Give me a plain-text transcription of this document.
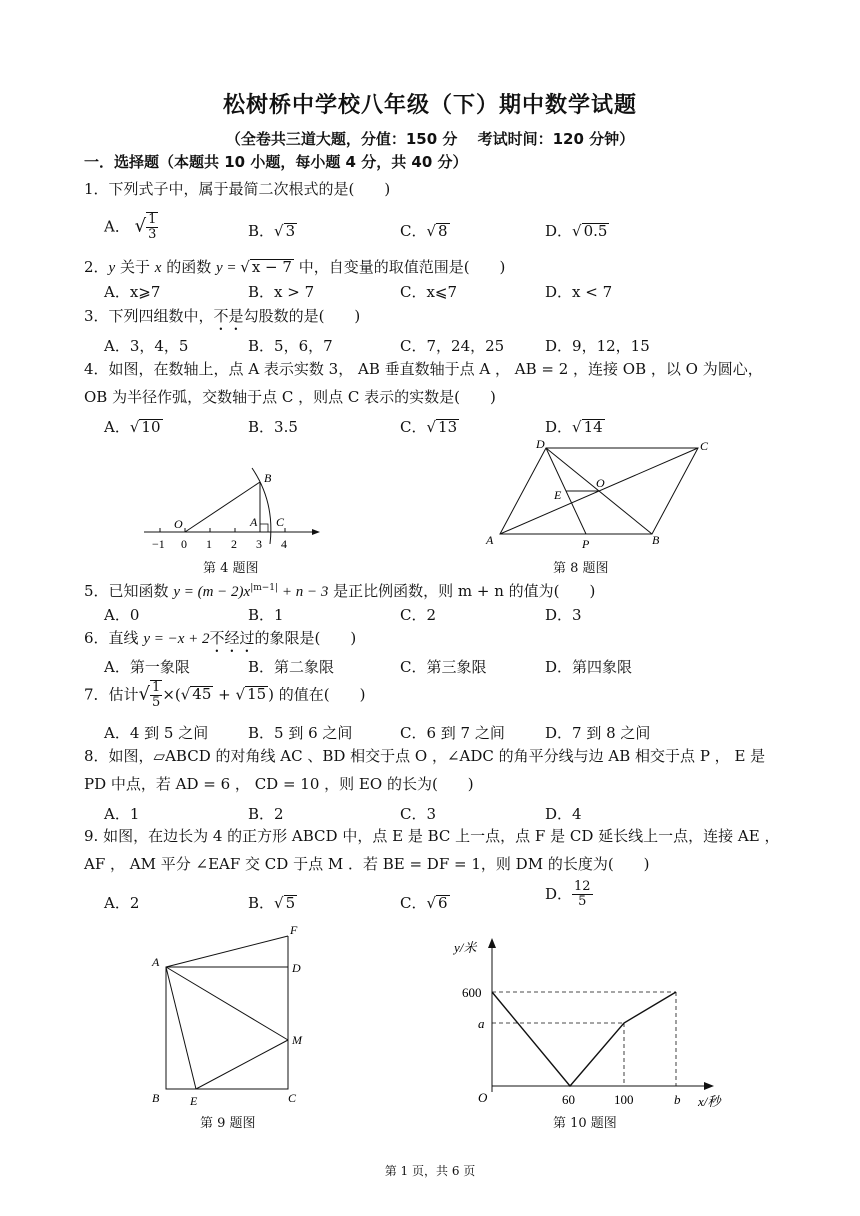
松树桥中学校八年级（下）期中数学试题
（全卷共三道大题，分值：150 分　 考试时间：120 分钟）
一．选择题（本题共 10 小题，每小题 4 分，共 40 分）
1．下列式子中，属于最简二次根式的是(　　)
A． √ $\frac{1}{3}$	B．√ 3	C．√ 8	D．√ 0.5
2．y 关于 x 的函数 y = √ x − 7 中，自变量的取值范围是(　　)
A．x⩾7	B．x > 7	C．x⩽7	D．x < 7
3．下列四组数中，不是勾股数的是(　　)
A．3，4，5	B．5，6，7	C．7，24，25	D．9，12，15
4．如图，在数轴上，点 A 表示实数 3， AB 垂直数轴于点 A ， AB = 2 ，连接 OB ，以 O 为圆心，
OB 为半径作弧，交数轴于点 C ，则点 C 表示的实数是(　　)
A．√ 10	B．3.5	C．√ 13	D．√ 14
B
O	A C
−1 0 1 2 3 4
第 4 题图
D	C
O
E
A	P	B
第 8 题图
5．已知函数 $y = (m - 2)x^{|m-1|} + n - 3$ 是正比例函数，则 m + n 的值为(　　)
A．0	B．1	C．2	D．3
6．直线 y = −x + 2不经过的象限是(　　)
A．第一象限	B．第二象限	C．第三象限	D．第四象限
7．估计√ $\frac{1}{5}$ ×(√ 45 + √ 15 ) 的值在(　　)
A．4 到 5 之间	B．5 到 6 之间	C．6 到 7 之间	D．7 到 8 之间
8．如图，▱ABCD 的对角线 AC 、BD 相交于点 O ，∠ADC 的角平分线与边 AB 相交于点 P ， E 是
PD 中点，若 AD = 6 ， CD = 10 ，则 EO 的长为(　　)
A．1	B．2	C．3	D．4
9. 如图，在边长为 4 的正方形 ABCD 中，点 E 是 BC 上一点，点 F 是 CD 延长线上一点，连接 AE ，
AF ， AM 平分 ∠EAF 交 CD 于点 M ．若 BE = DF = 1，则 DM 的长度为(　　)
A．2	B．√ 5	C．√ 6
D． $\frac{12}{5}$
F
A	D
M
B	E	C
第 9 题图
y/米
600
a
O	60	100	b x/秒
第 10 题图
第 1 页，共 6 页
